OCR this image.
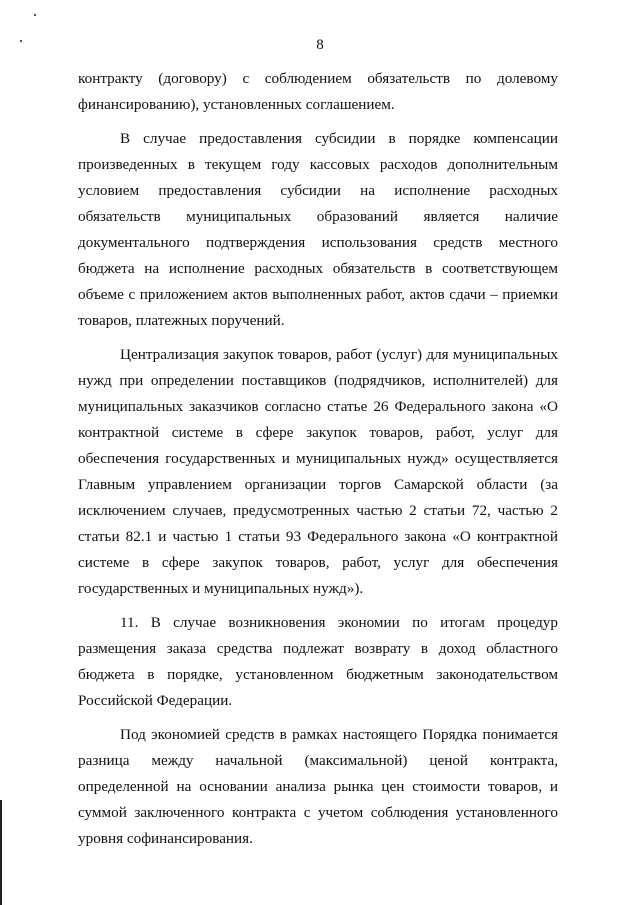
8

контракту (договору) с соблюдением обязательств по долевому финансированию), установленных соглашением.

В случае предоставления субсидии в порядке компенсации произведенных в текущем году кассовых расходов дополнительным условием предоставления субсидии на исполнение расходных обязательств муниципальных образований является наличие документального подтверждения использования средств местного бюджета на исполнение расходных обязательств в соответствующем объеме с приложением актов выполненных работ, актов сдачи – приемки товаров, платежных поручений.

Централизация закупок товаров, работ (услуг) для муниципальных нужд при определении поставщиков (подрядчиков, исполнителей) для муниципальных заказчиков согласно статье 26 Федерального закона «О контрактной системе в сфере закупок товаров, работ, услуг для обеспечения государственных и муниципальных нужд» осуществляется Главным управлением организации торгов Самарской области (за исключением случаев, предусмотренных частью 2 статьи 72, частью 2 статьи 82.1 и частью 1 статьи 93 Федерального закона «О контрактной системе в сфере закупок товаров, работ, услуг для обеспечения государственных и муниципальных нужд»).

11. В случае возникновения экономии по итогам процедур размещения заказа средства подлежат возврату в доход областного бюджета в порядке, установленном бюджетным законодательством Российской Федерации.

Под экономией средств в рамках настоящего Порядка понимается разница между начальной (максимальной) ценой контракта, определенной на основании анализа рынка цен стоимости товаров, и суммой заключенного контракта с учетом соблюдения установленного уровня софинансирования.
